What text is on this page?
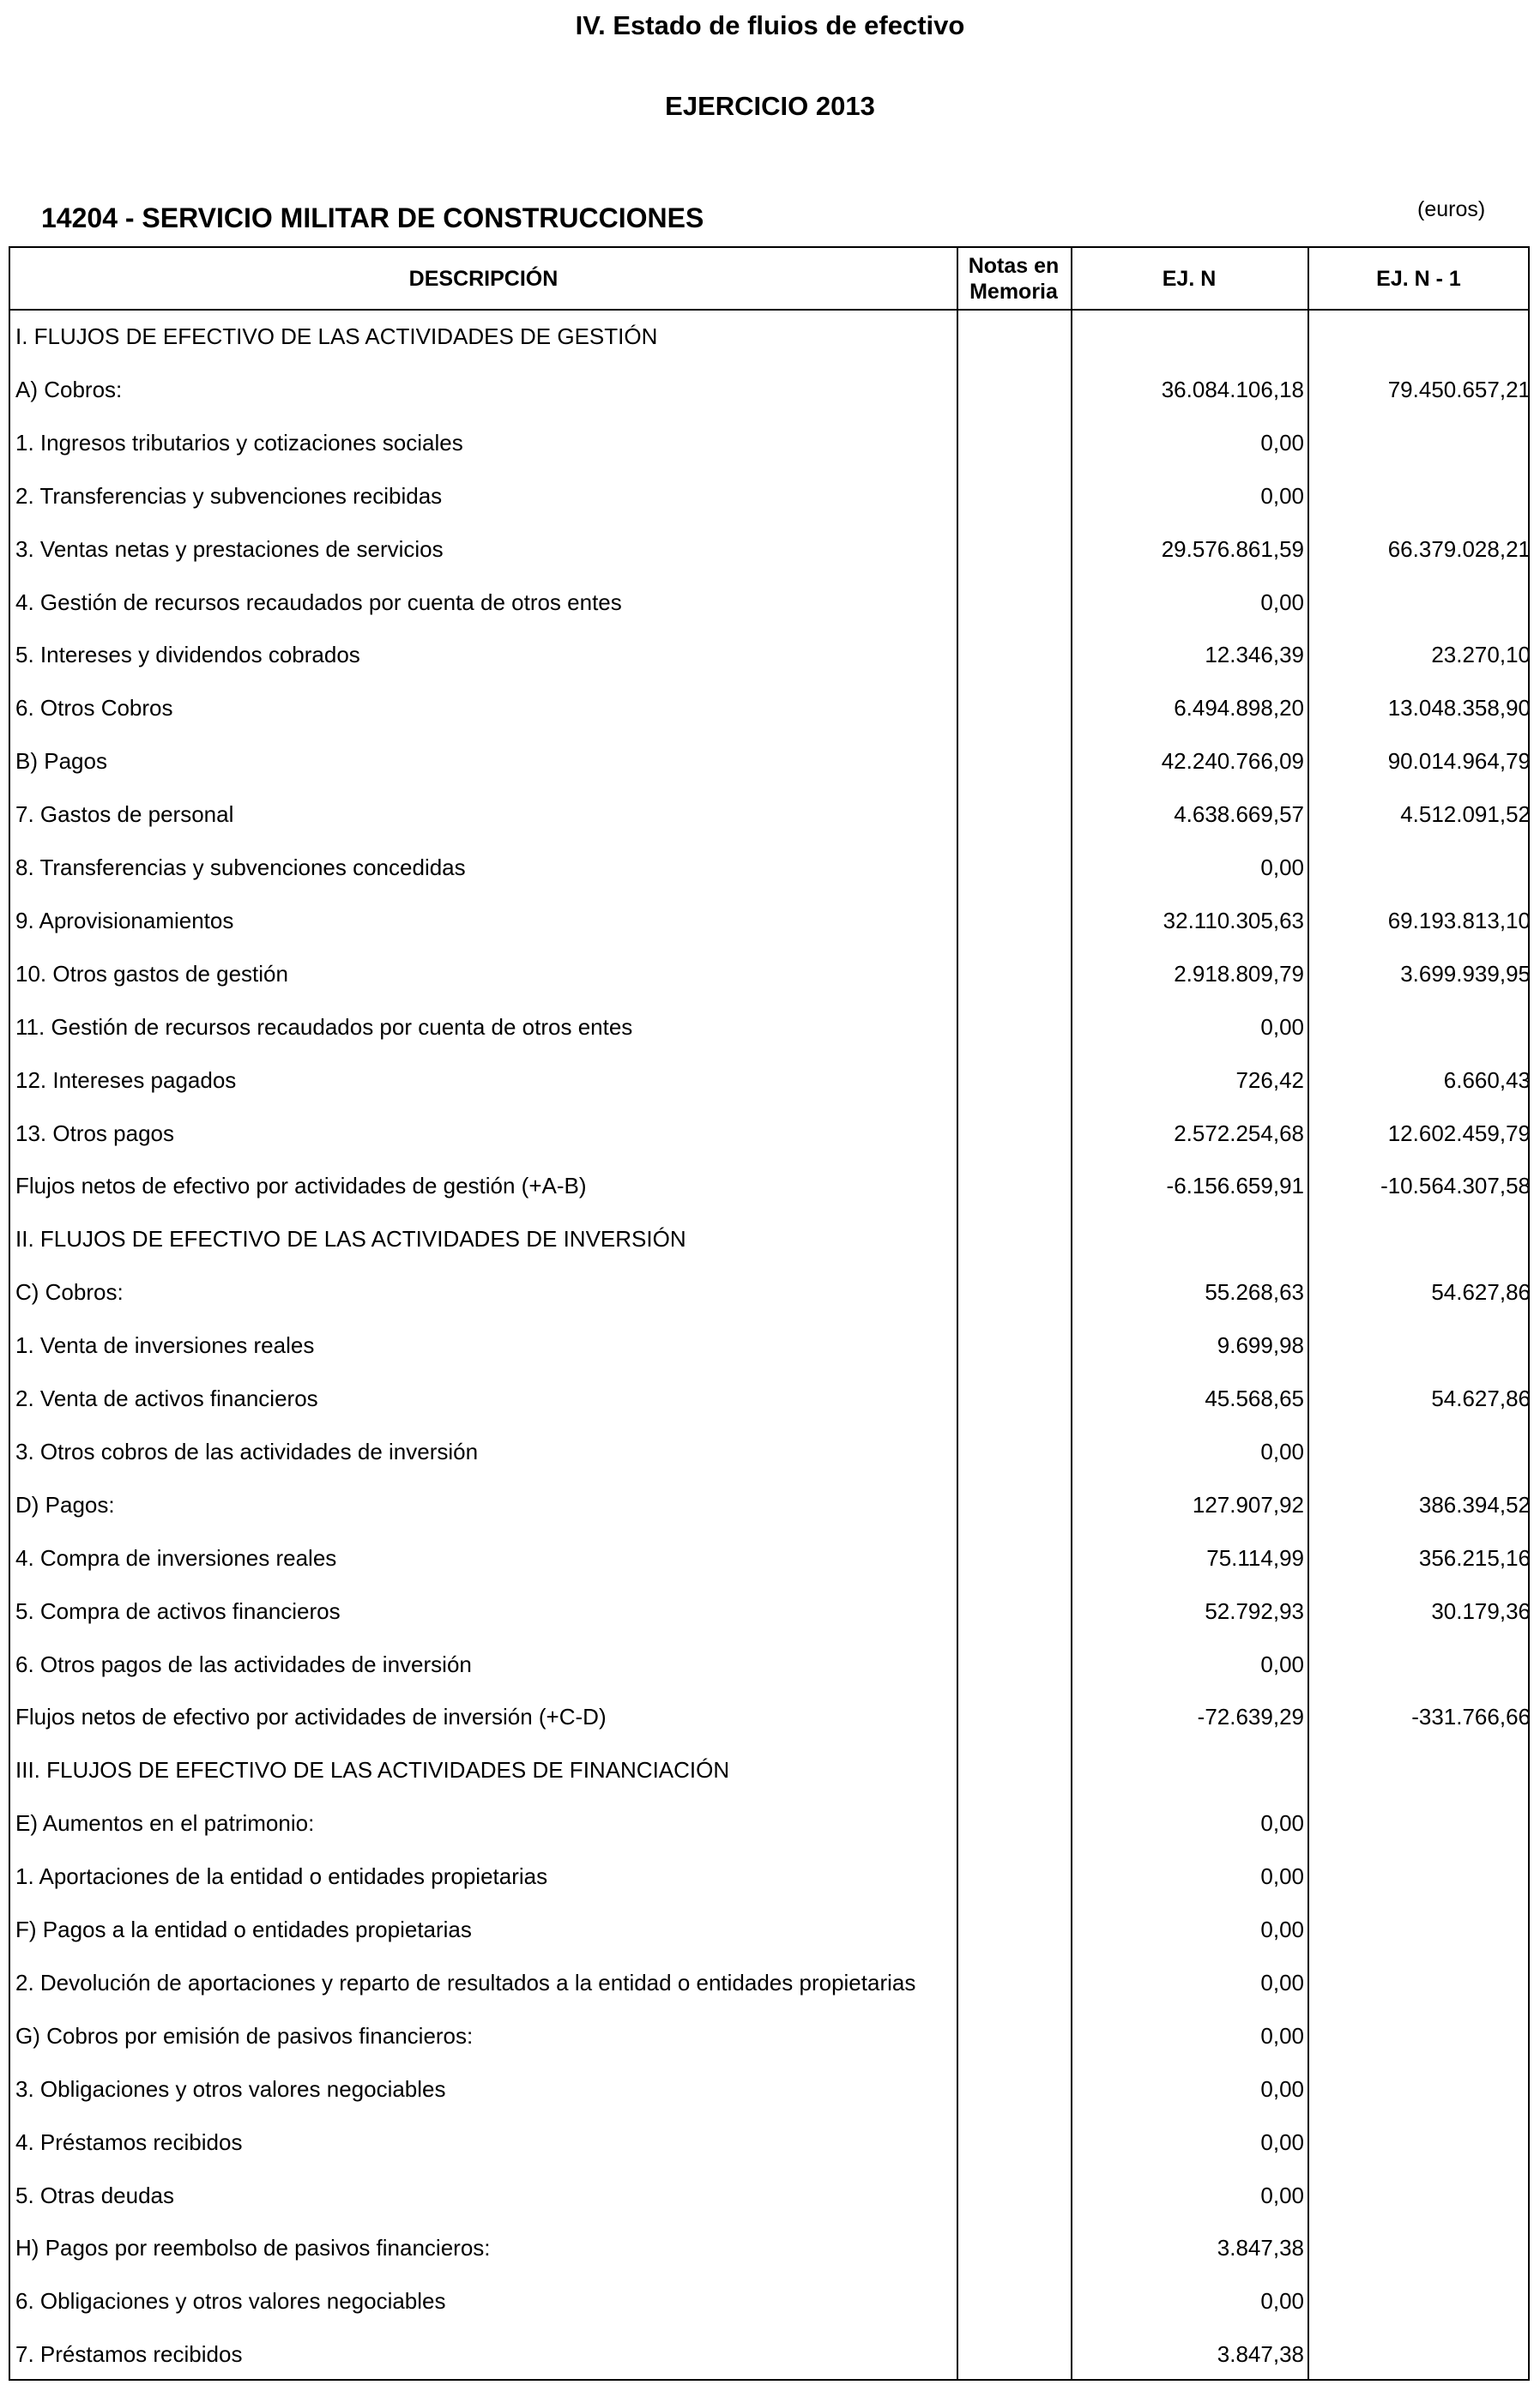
IV. Estado de fluios de efectivo
EJERCICIO 2013
14204 - SERVICIO MILITAR DE CONSTRUCCIONES	(euros)
DESCRIPCIÓN
Notas en
Memoria
EJ. N	EJ. N - 1
I. FLUJOS DE EFECTIVO DE LAS ACTIVIDADES DE GESTIÓN
A) Cobros:	36.084.106,18	79.450.657,21
1. Ingresos tributarios y cotizaciones sociales	0,00
2. Transferencias y subvenciones recibidas	0,00
3. Ventas netas y prestaciones de servicios	29.576.861,59	66.379.028,21
4. Gestión de recursos recaudados por cuenta de otros entes	0,00
5. Intereses y dividendos cobrados	12.346,39	23.270,10
6. Otros Cobros	6.494.898,20	13.048.358,90
B) Pagos	42.240.766,09	90.014.964,79
7. Gastos de personal	4.638.669,57	4.512.091,52
8. Transferencias y subvenciones concedidas	0,00
9. Aprovisionamientos	32.110.305,63	69.193.813,10
10. Otros gastos de gestión	2.918.809,79	3.699.939,95
11. Gestión de recursos recaudados por cuenta de otros entes	0,00
12. Intereses pagados	726,42	6.660,43
13. Otros pagos	2.572.254,68	12.602.459,79
Flujos netos de efectivo por actividades de gestión (+A-B)	-6.156.659,91	-10.564.307,58
II. FLUJOS DE EFECTIVO DE LAS ACTIVIDADES DE INVERSIÓN
C) Cobros:	55.268,63	54.627,86
1. Venta de inversiones reales	9.699,98
2. Venta de activos financieros	45.568,65	54.627,86
3. Otros cobros de las actividades de inversión	0,00
D) Pagos:	127.907,92	386.394,52
4. Compra de inversiones reales	75.114,99	356.215,16
5. Compra de activos financieros	52.792,93	30.179,36
6. Otros pagos de las actividades de inversión	0,00
Flujos netos de efectivo por actividades de inversión (+C-D)	-72.639,29	-331.766,66
III. FLUJOS DE EFECTIVO DE LAS ACTIVIDADES DE FINANCIACIÓN
E) Aumentos en el patrimonio:	0,00
1. Aportaciones de la entidad o entidades propietarias	0,00
F) Pagos a la entidad o entidades propietarias	0,00
2. Devolución de aportaciones y reparto de resultados a la entidad o entidades propietarias	0,00
G) Cobros por emisión de pasivos financieros:	0,00
3. Obligaciones y otros valores negociables	0,00
4. Préstamos recibidos	0,00
5. Otras deudas	0,00
H) Pagos por reembolso de pasivos financieros:	3.847,38
6. Obligaciones y otros valores negociables	0,00
7. Préstamos recibidos	3.847,38
